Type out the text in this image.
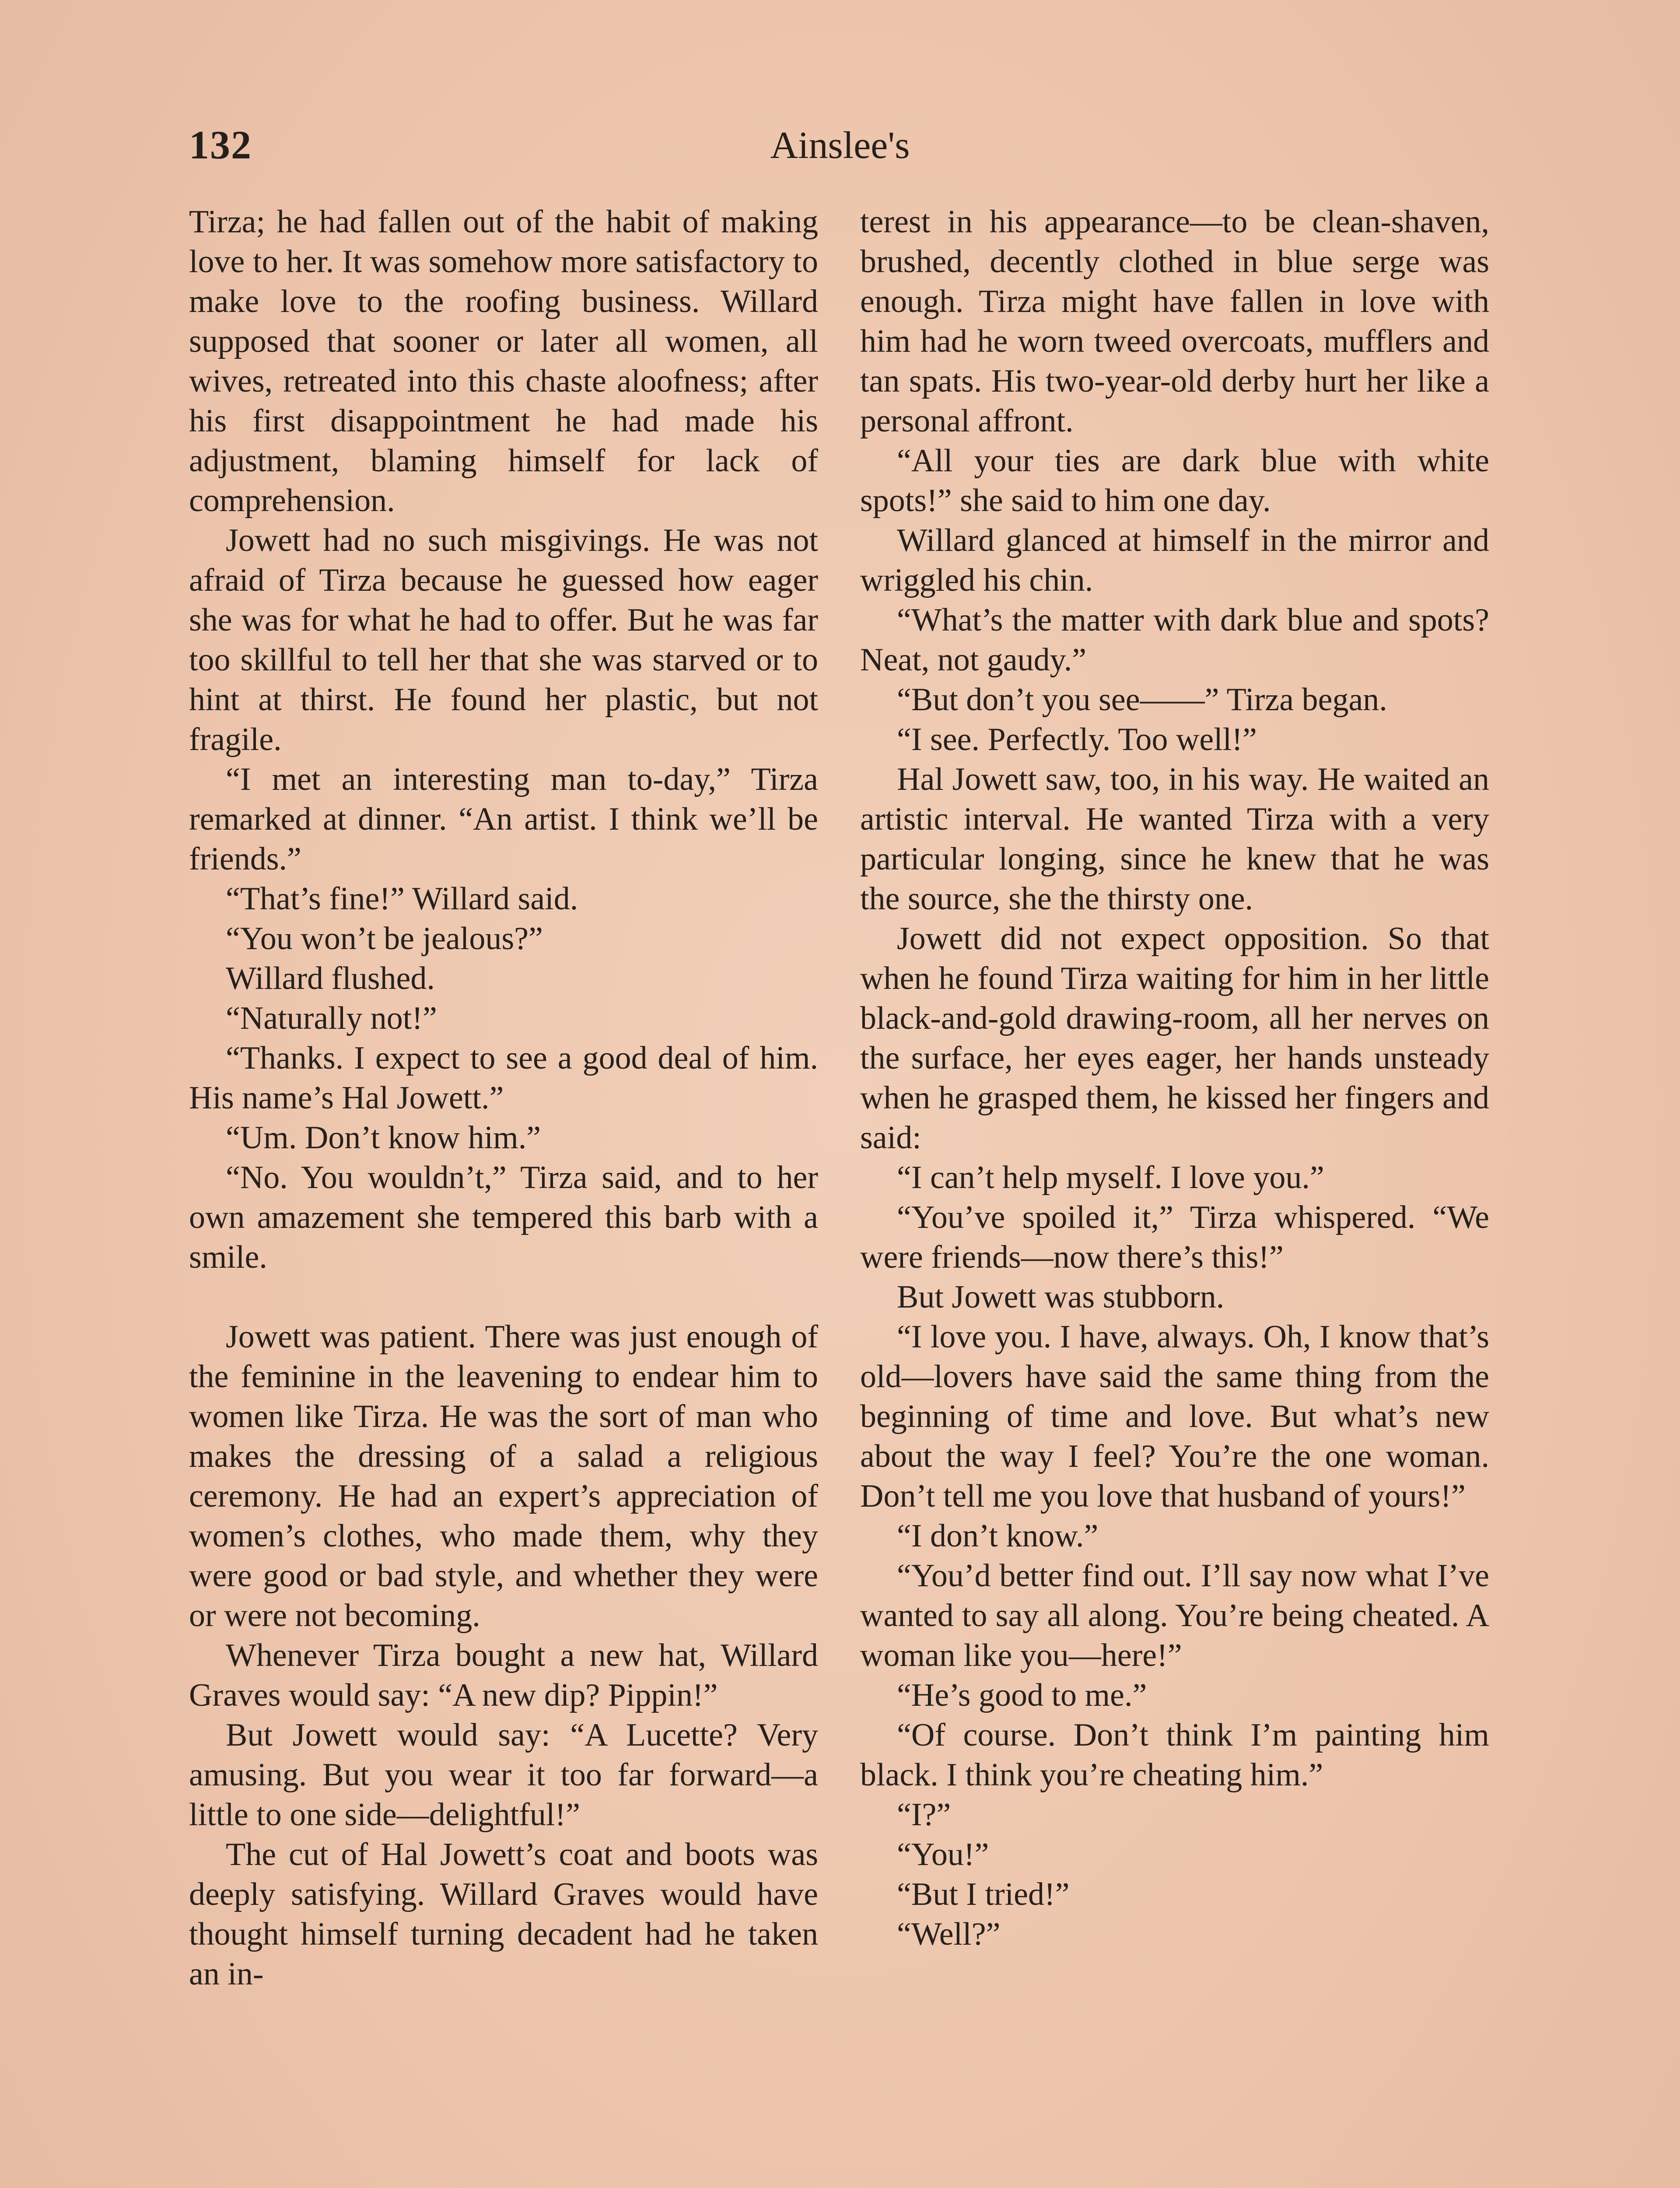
132	Ainslee's

Tirza; he had fallen out of the habit of making love to her. It was somehow more satisfactory to make love to the roofing business. Willard supposed that sooner or later all women, all wives, retreated into this chaste aloofness; after his first disappointment he had made his adjustment, blaming himself for lack of comprehension.

Jowett had no such misgivings. He was not afraid of Tirza because he guessed how eager she was for what he had to offer. But he was far too skillful to tell her that she was starved or to hint at thirst. He found her plastic, but not fragile.

“I met an interesting man to-day,” Tirza remarked at dinner. “An artist. I think we’ll be friends.”

“That’s fine!” Willard said.

“You won’t be jealous?”

Willard flushed.

“Naturally not!”

“Thanks. I expect to see a good deal of him. His name’s Hal Jowett.”

“Um. Don’t know him.”

“No. You wouldn’t,” Tirza said, and to her own amazement she tempered this barb with a smile.

Jowett was patient. There was just enough of the feminine in the leavening to endear him to women like Tirza. He was the sort of man who makes the dressing of a salad a religious ceremony. He had an expert’s appreciation of women’s clothes, who made them, why they were good or bad style, and whether they were or were not becoming.

Whenever Tirza bought a new hat, Willard Graves would say: “A new dip? Pippin!”

But Jowett would say: “A Lucette? Very amusing. But you wear it too far forward—a little to one side—delightful!”

The cut of Hal Jowett’s coat and boots was deeply satisfying. Willard Graves would have thought himself turning decadent had he taken an in-

terest in his appearance—to be clean-shaven, brushed, decently clothed in blue serge was enough. Tirza might have fallen in love with him had he worn tweed overcoats, mufflers and tan spats. His two-year-old derby hurt her like a personal affront.

“All your ties are dark blue with white spots!” she said to him one day.

Willard glanced at himself in the mirror and wriggled his chin.

“What’s the matter with dark blue and spots? Neat, not gaudy.”

“But don’t you see——” Tirza began.

“I see. Perfectly. Too well!”

Hal Jowett saw, too, in his way. He waited an artistic interval. He wanted Tirza with a very particular longing, since he knew that he was the source, she the thirsty one.

Jowett did not expect opposition. So that when he found Tirza waiting for him in her little black-and-gold drawing-room, all her nerves on the surface, her eyes eager, her hands unsteady when he grasped them, he kissed her fingers and said:

“I can’t help myself. I love you.”

“You’ve spoiled it,” Tirza whispered. “We were friends—now there’s this!”

But Jowett was stubborn.

“I love you. I have, always. Oh, I know that’s old—lovers have said the same thing from the beginning of time and love. But what’s new about the way I feel? You’re the one woman. Don’t tell me you love that husband of yours!”

“I don’t know.”

“You’d better find out. I’ll say now what I’ve wanted to say all along. You’re being cheated. A woman like you—here!”

“He’s good to me.”

“Of course. Don’t think I’m painting him black. I think you’re cheating him.”

“I?”

“You!”

“But I tried!”

“Well?”
